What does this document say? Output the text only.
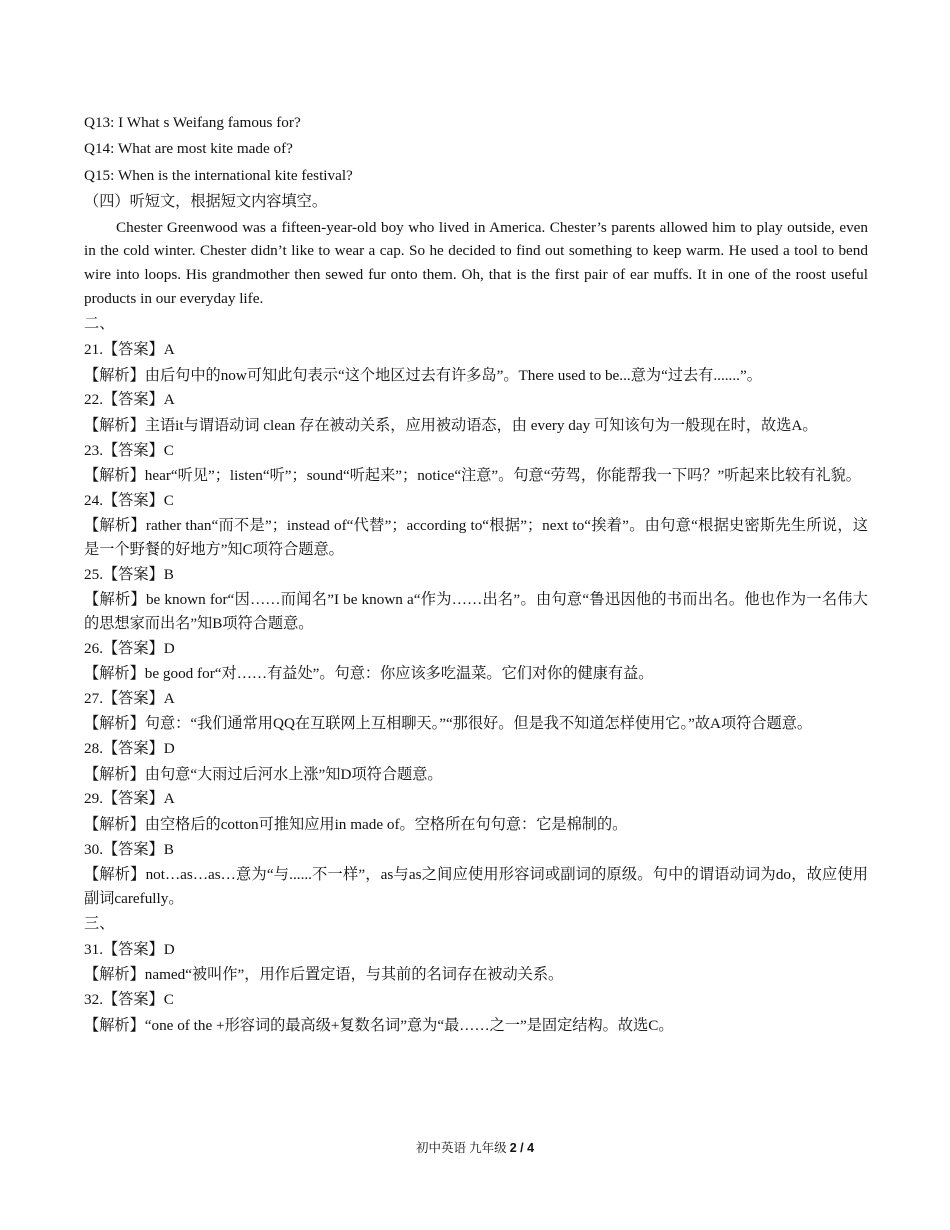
Q13: I What s Weifang famous for?
Q14: What are most kite made of?
Q15: When is the international kite festival?
（四）听短文，根据短文内容填空。
Chester Greenwood was a fifteen-year-old boy who lived in America. Chester’s parents allowed him to play outside, even in the cold winter. Chester didn’t like to wear a cap. So he decided to find out something to keep warm. He used a tool to bend wire into loops. His grandmother then sewed fur onto them. Oh, that is the first pair of ear muffs. It in one of the roost useful products in our everyday life.
二、
21.【答案】A
【解析】由后句中的now可知此句表示“这个地区过去有许多岛”。There used to be...意为“过去有.......”。
22.【答案】A
【解析】主语it与谓语动词 clean 存在被动关系，应用被动语态，由 every day 可知该句为一般现在时，故选A。
23.【答案】C
【解析】hear“听见”；listen“听”；sound“听起来”；notice“注意”。句意“劳驾，你能帮我一下吗？”听起来比较有礼貌。
24.【答案】C
【解析】rather than“而不是”；instead of“代替”；according to“根据”；next to“挨着”。由句意“根据史密斯先生所说，这是一个野餐的好地方”知C项符合题意。
25.【答案】B
【解析】be known for“因……而闻名”I be known a“作为……出名”。由句意“鲁迅因他的书而出名。他也作为一名伟大的思想家而出名”知B项符合题意。
26.【答案】D
【解析】be good for“对……有益处”。句意：你应该多吃温菜。它们对你的健康有益。
27.【答案】A
【解析】句意：“我们通常用QQ在互联网上互相聊天。”“那很好。但是我不知道怎样使用它。”故A项符合题意。
28.【答案】D
【解析】由句意“大雨过后河水上涨”知D项符合题意。
29.【答案】A
【解析】由空格后的cotton可推知应用in made of。空格所在句句意：它是棉制的。
30.【答案】B
【解析】not…as…as…意为“与......不一样”，as与as之间应使用形容词或副词的原级。句中的谓语动词为do，故应使用副词carefully。
三、
31.【答案】D
【解析】named“被叫作”，用作后置定语，与其前的名词存在被动关系。
32.【答案】C
【解析】“one of the +形容词的最高级+复数名词”意为“最……之一”是固定结构。故选C。
初中英语 九年级 2 / 4
